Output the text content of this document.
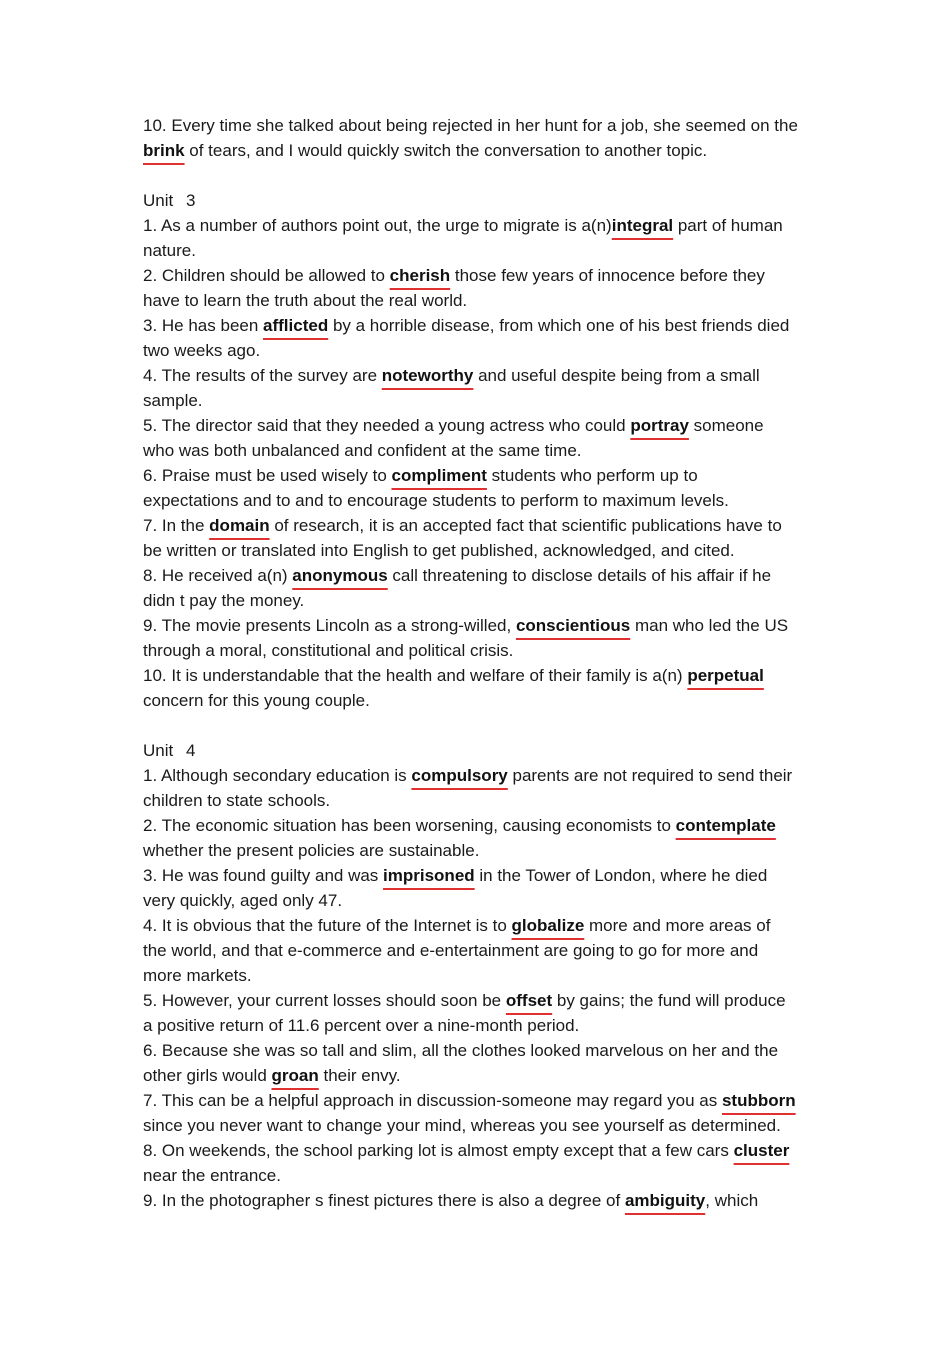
10. Every time she talked about being rejected in her hunt for a job, she seemed on the
brink of tears, and I would quickly switch the conversation to another topic.
Unit 3
1. As a number of authors point out, the urge to migrate is a(n)integral part of human
nature.
2. Children should be allowed to cherish those few years of innocence before they
have to learn the truth about the real world.
3. He has been afflicted by a horrible disease, from which one of his best friends died
two weeks ago.
4. The results of the survey are noteworthy and useful despite being from a small
sample.
5. The director said that they needed a young actress who could portray someone
who was both unbalanced and confident at the same time.
6. Praise must be used wisely to compliment students who perform up to
expectations and to and to encourage students to perform to maximum levels.
7. In the domain of research, it is an accepted fact that scientific publications have to
be written or translated into English to get published, acknowledged, and cited.
8. He received a(n) anonymous call threatening to disclose details of his affair if he
didn t pay the money.
9. The movie presents Lincoln as a strong-willed, conscientious man who led the US
through a moral, constitutional and political crisis.
10. It is understandable that the health and welfare of their family is a(n) perpetual
concern for this young couple.
Unit 4
1. Although secondary education is compulsory parents are not required to send their
children to state schools.
2. The economic situation has been worsening, causing economists to contemplate
whether the present policies are sustainable.
3. He was found guilty and was imprisoned in the Tower of London, where he died
very quickly, aged only 47.
4. It is obvious that the future of the Internet is to globalize more and more areas of
the world, and that e-commerce and e-entertainment are going to go for more and
more markets.
5. However, your current losses should soon be offset by gains; the fund will produce
a positive return of 11.6 percent over a nine-month period.
6. Because she was so tall and slim, all the clothes looked marvelous on her and the
other girls would groan their envy.
7. This can be a helpful approach in discussion-someone may regard you as stubborn
since you never want to change your mind, whereas you see yourself as determined.
8. On weekends, the school parking lot is almost empty except that a few cars cluster
near the entrance.
9. In the photographer s finest pictures there is also a degree of ambiguity, which
